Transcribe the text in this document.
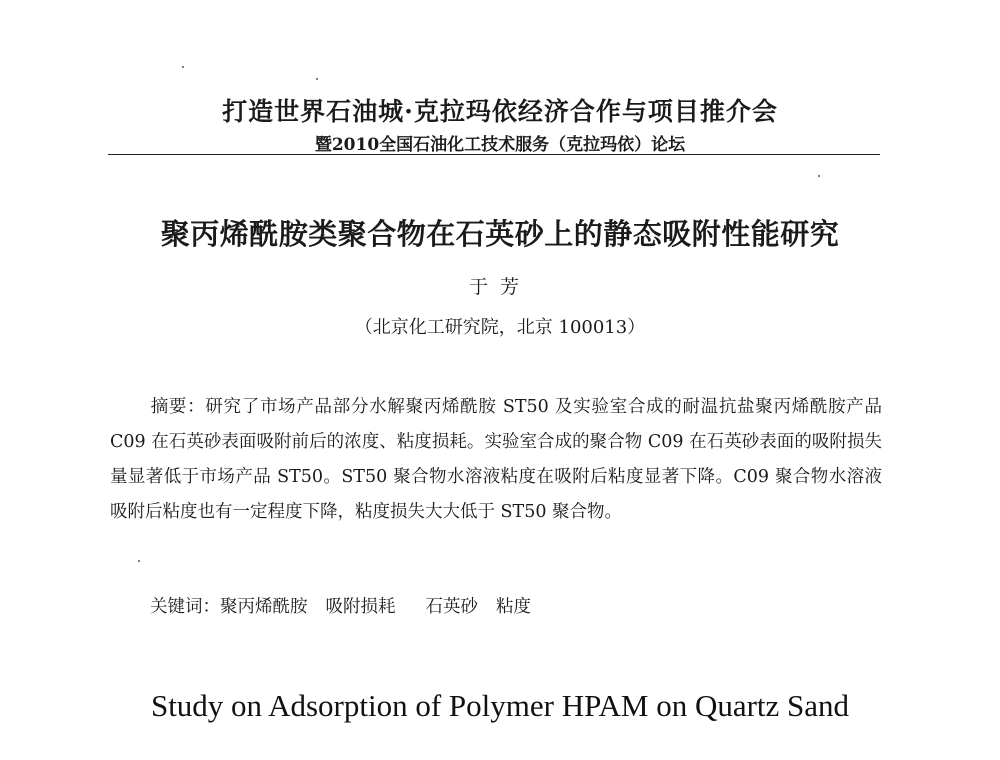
打造世界石油城·克拉玛依经济合作与项目推介会
暨2010全国石油化工技术服务（克拉玛依）论坛
聚丙烯酰胺类聚合物在石英砂上的静态吸附性能研究
于芳
（北京化工研究院，北京 100013）
摘要：研究了市场产品部分水解聚丙烯酰胺 ST50 及实验室合成的耐温抗盐聚丙烯酰胺产品 C09 在石英砂表面吸附前后的浓度、粘度损耗。实验室合成的聚合物 C09 在石英砂表面的吸附损失量显著低于市场产品 ST50。ST50 聚合物水溶液粘度在吸附后粘度显著下降。C09 聚合物水溶液吸附后粘度也有一定程度下降，粘度损失大大低于 ST50 聚合物。
关键词：聚丙烯酰胺 吸附损耗 石英砂 粘度
Study on Adsorption of Polymer HPAM on Quartz Sand
